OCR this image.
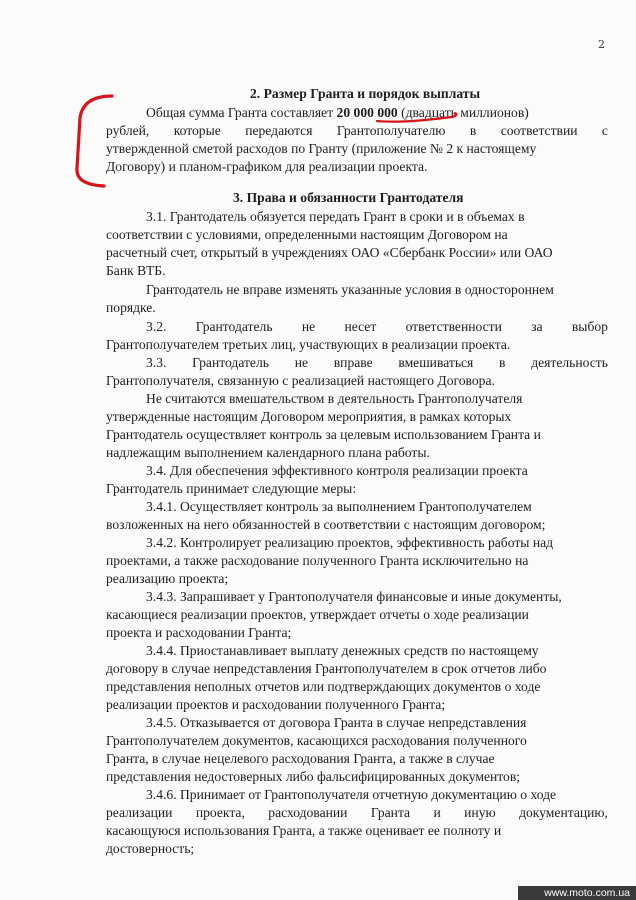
2
2. Размер Гранта и порядок выплаты
Общая сумма Гранта составляет 20 000 000 (двадцать миллионов)
рублей, которые передаются Грантополучателю в соответствии с
утвержденной сметой расходов по Гранту (приложение № 2 к настоящему
Договору) и планом-графиком для реализации проекта.
3. Права и обязанности Грантодателя
3.1. Грантодатель обязуется передать Грант в сроки и в объемах в
соответствии с условиями, определенными настоящим Договором на
расчетный счет, открытый в учреждениях ОАО «Сбербанк России» или ОАО
Банк ВТБ.
Грантодатель не вправе изменять указанные условия в одностороннем
порядке.
3.2. Грантодатель не несет ответственности за выбор
Грантополучателем третьих лиц, участвующих в реализации проекта.
3.3. Грантодатель не вправе вмешиваться в деятельность
Грантополучателя, связанную с реализацией настоящего Договора.
Не считаются вмешательством в деятельность Грантополучателя
утвержденные настоящим Договором мероприятия, в рамках которых
Грантодатель осуществляет контроль за целевым использованием Гранта и
надлежащим выполнением календарного плана работы.
3.4. Для обеспечения эффективного контроля реализации проекта
Грантодатель принимает следующие меры:
3.4.1. Осуществляет контроль за выполнением Грантополучателем
возложенных на него обязанностей в соответствии с настоящим договором;
3.4.2. Контролирует реализацию проектов, эффективность работы над
проектами, а также расходование полученного Гранта исключительно на
реализацию проекта;
3.4.3. Запрашивает у Грантополучателя финансовые и иные документы,
касающиеся реализации проектов, утверждает отчеты о ходе реализации
проекта и расходовании Гранта;
3.4.4. Приостанавливает выплату денежных средств по настоящему
договору в случае непредставления Грантополучателем в срок отчетов либо
представления неполных отчетов или подтверждающих документов о ходе
реализации проектов и расходовании полученного Гранта;
3.4.5. Отказывается от договора Гранта в случае непредставления
Грантополучателем документов, касающихся расходования полученного
Гранта, в случае нецелевого расходования Гранта, а также в случае
представления недостоверных либо фальсифицированных документов;
3.4.6. Принимает от Грантополучателя отчетную документацию о ходе
реализации проекта, расходовании Гранта и иную документацию,
касающуюся использования Гранта, а также оценивает ее полноту и
достоверность;
www.moto.com.ua
